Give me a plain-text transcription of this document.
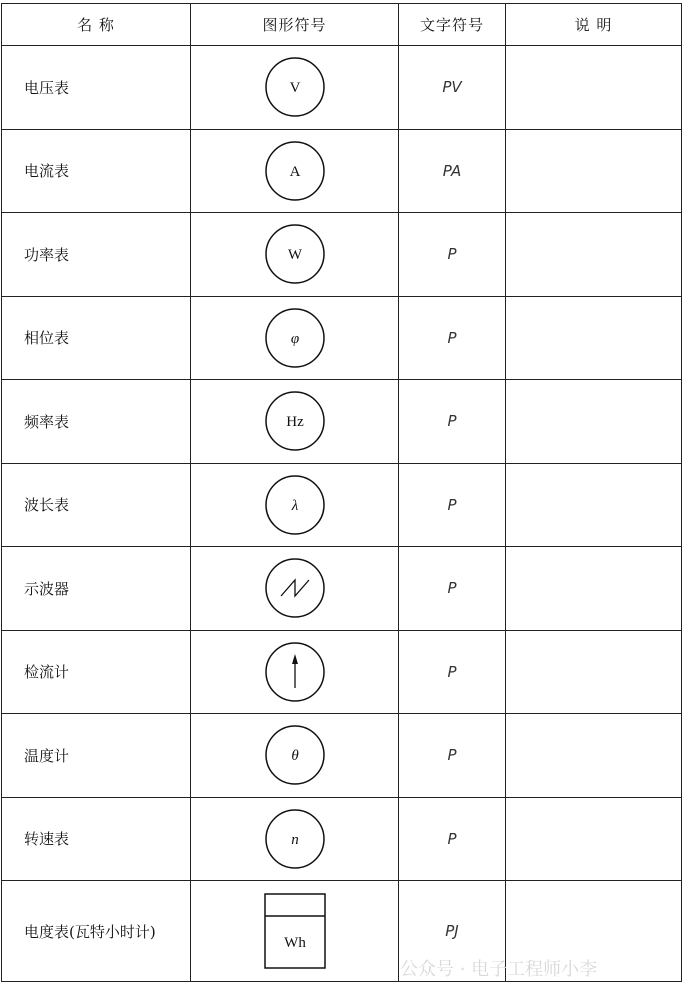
名 称	图形符号	文字符号	说 明
电压表	V	PV	
电流表	A	PA	
功率表	W	P	
相位表	φ	P	
频率表	Hz	P	
波长表	λ	P	
示波器		P	
检流计		P	
温度计	θ	P	
转速表	n	P	
电度表(瓦特小时计)	Wh	PJ	
公众号 · 电子工程师小李
